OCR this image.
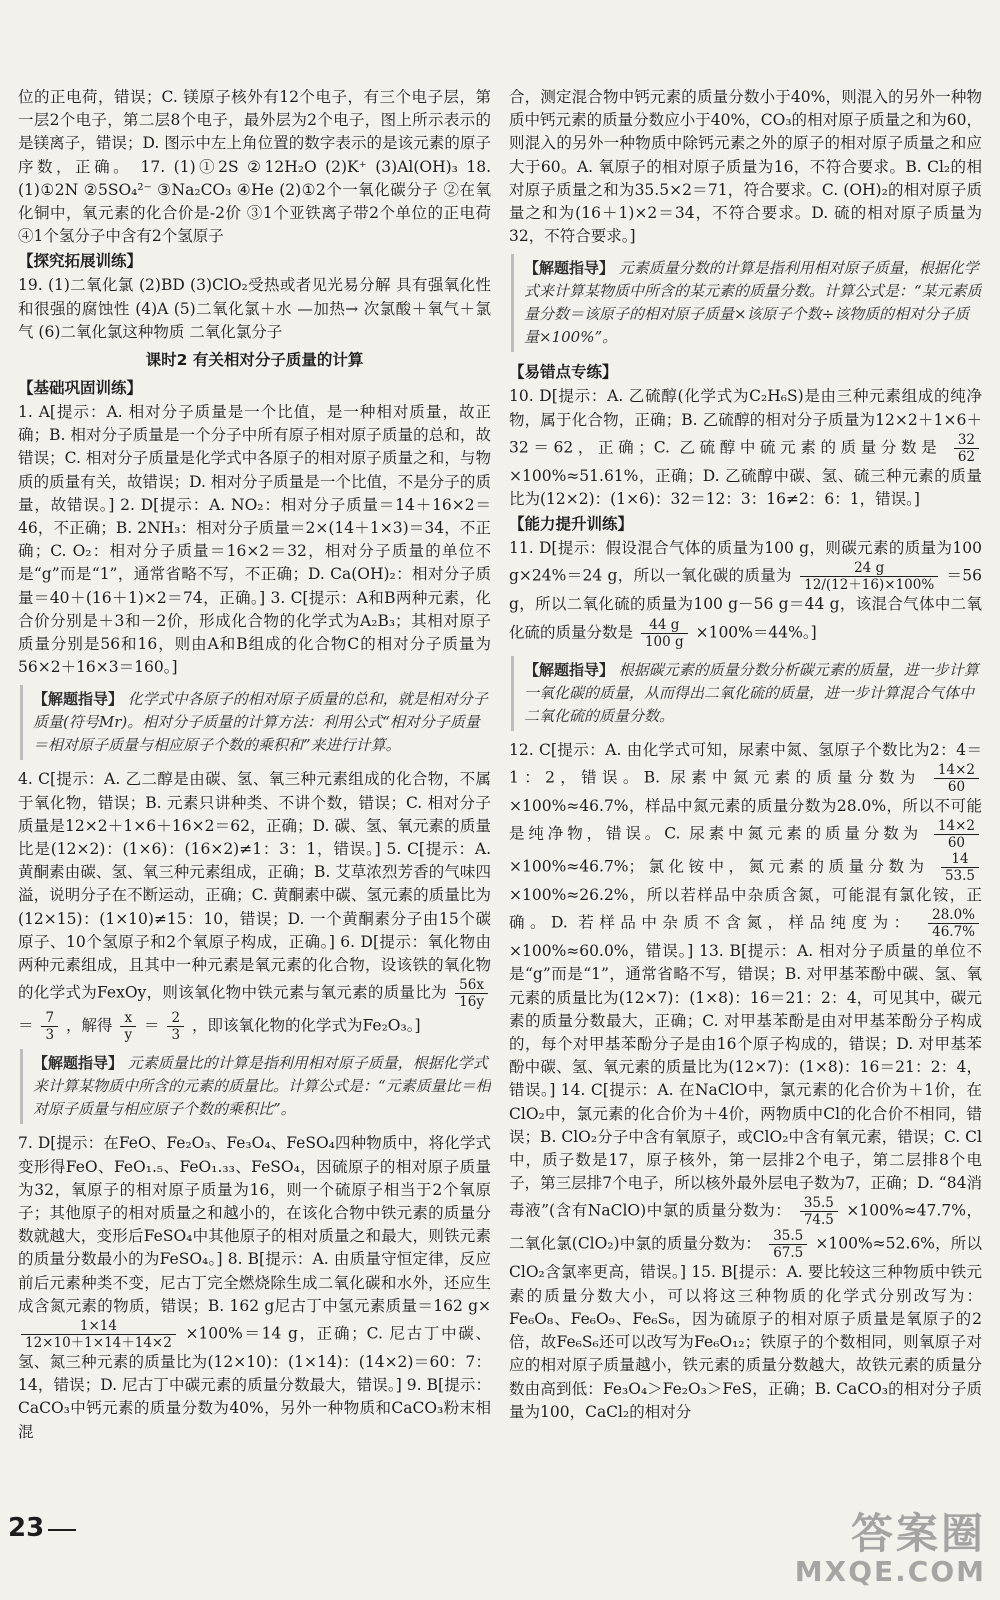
位的正电荷，错误；C. 镁原子核外有12个电子，有三个电子层，第一层2个电子，第二层8个电子，最外层为2个电子，图上所示表示的是镁离子，错误；D. 图示中左上角位置的数字表示的是该元素的原子序数，正确。 17. (1)①2S ②12H₂O (2)K⁺ (3)Al(OH)₃ 18. (1)①2N ②5SO₄²⁻ ③Na₂CO₃ ④He (2)①2个一氧化碳分子 ②在氧化铜中，氧元素的化合价是-2价 ③1个亚铁离子带2个单位的正电荷 ④1个氢分子中含有2个氢原子

【探究拓展训练】

19. (1)二氧化氯 (2)BD (3)ClO₂受热或者见光易分解 具有强氧化性和很强的腐蚀性 (4)A (5)二氧化氯＋水 —加热→ 次氯酸＋氧气＋氯气 (6)二氧化氯这种物质 二氧化氯分子

课时2 有关相对分子质量的计算
【基础巩固训练】

1. A[提示：A. 相对分子质量是一个比值，是一种相对质量，故正确；B. 相对分子质量是一个分子中所有原子相对原子质量的总和，故错误；C. 相对分子质量是化学式中各原子的相对原子质量之和，与物质的质量有关，故错误；D. 相对分子质量是一个比值，不是分子的质量，故错误。] 2. D[提示：A. NO₂：相对分子质量＝14＋16×2＝46，不正确；B. 2NH₃：相对分子质量＝2×(14＋1×3)＝34，不正确；C. O₂：相对分子质量＝16×2＝32，相对分子质量的单位不是“g”而是“1”，通常省略不写，不正确；D. Ca(OH)₂：相对分子质量＝40＋(16＋1)×2＝74，正确。] 3. C[提示：A和B两种元素，化合价分别是＋3和－2价，形成化合物的化学式为A₂B₃；其相对原子质量分别是56和16，则由A和B组成的化合物C的相对分子质量为56×2＋16×3＝160。]

【解题指导】 化学式中各原子的相对原子质量的总和，就是相对分子质量(符号Mr)。相对分子质量的计算方法：利用公式“相对分子质量＝相对原子质量与相应原子个数的乘积和”来进行计算。

4. C[提示：A. 乙二醇是由碳、氢、氧三种元素组成的化合物，不属于氧化物，错误；B. 元素只讲种类、不讲个数，错误；C. 相对分子质量是12×2＋1×6＋16×2＝62，正确；D. 碳、氢、氧元素的质量比是(12×2)：(1×6)：(16×2)≠1：3：1，错误。] 5. C[提示：A. 黄酮素由碳、氢、氧三种元素组成，正确；B. 艾草浓烈芳香的气味四溢，说明分子在不断运动，正确；C. 黄酮素中碳、氢元素的质量比为(12×15)：(1×10)≠15：10，错误；D. 一个黄酮素分子由15个碳原子、10个氢原子和2个氧原子构成，正确。] 6. D[提示：氧化物由两种元素组成，且其中一种元素是氧元素的化合物，设该铁的氧化物的化学式为FexOy，则该氧化物中铁元素与氧元素的质量比为 $\frac{56x}{16y}$
＝ $\frac{7}{3}$ ，解得 $\frac{x}{y} = \frac{2}{3}$ ，即该氧化物的化学式为Fe₂O₃。]

【解题指导】 元素质量比的计算是指利用相对原子质量，根据化学式来计算某物质中所含的元素的质量比。计算公式是：“元素质量比＝相对原子质量与相应原子个数的乘积比”。

7. D[提示：在FeO、Fe₂O₃、Fe₃O₄、FeSO₄四种物质中，将化学式变形得FeO、FeO₁.₅、FeO₁.₃₃、FeSO₄，因硫原子的相对原子质量为32，氧原子的相对原子质量为16，则一个硫原子相当于2个氧原子；其他原子的相对质量之和越小的，在该化合物中铁元素的质量分数就越大，变形后FeSO₄中其他原子的相对质量之和最大，则铁元素的质量分数最小的为FeSO₄。] 8. B[提示：A. 由质量守恒定律，反应前后元素种类不变，尼古丁完全燃烧除生成二氧化碳和水外，还应生成含氮元素的物质，错误；B. 162 g尼古丁中氢元素质量＝162 g×
$\frac{1\times 14}{12\times 10+1\times 14+14\times 2} \times 100\%=14$ g，正确；C. 尼古丁中碳、氢、氮三种元素的质量比为(12×10)：(1×14)：(14×2)＝60：7：14，错误；D. 尼古丁中碳元素的质量分数最大，错误。] 9. B[提示：CaCO₃中钙元素的质量分数为40%，另外一种物质和CaCO₃粉末相混

合，测定混合物中钙元素的质量分数小于40%，则混入的另外一种物质中钙元素的质量分数应小于40%，CO₃的相对原子质量之和为60，则混入的另外一种物质中除钙元素之外的原子的相对原子质量之和应大于60。A. 氧原子的相对原子质量为16，不符合要求。B. Cl₂的相对原子质量之和为35.5×2＝71，符合要求。C. (OH)₂的相对原子质量之和为(16＋1)×2＝34，不符合要求。D. 硫的相对原子质量为32，不符合要求。]

【解题指导】 元素质量分数的计算是指利用相对原子质量，根据化学式来计算某物质中所含的某元素的质量分数。计算公式是：“某元素质量分数＝该原子的相对原子质量×该原子个数÷该物质的相对分子质量×100%”。
【易错点专练】

10. D[提示：A. 乙硫醇(化学式为C₂H₆S)是由三种元素组成的纯净物，属于化合物，正确；B. 乙硫醇的相对分子质量为12×2＋1×6＋32＝62，正确；C. 乙硫醇中硫元素的质量分数是 $\frac{32}{62}$
×100%≈51.61%，正确；D. 乙硫醇中碳、氢、硫三种元素的质量比为(12×2)：(1×6)：32＝12：3：16≠2：6：1，错误。]

【能力提升训练】

11. D[提示：假设混合气体的质量为100 g，则碳元素的质量为100 g×24%＝24 g，所以一氧化碳的质量为 $\frac{24 g}{12/(12+16)\times 100\%} =56$ g，所以二氧化硫的质量为100 g－56 g＝44 g，该混合气体中二氧化硫的质量分数是 $\frac{44 g}{100 g} \times 100\%=44\%$。]

【解题指导】 根据碳元素的质量分数分析碳元素的质量，进一步计算一氧化碳的质量，从而得出二氧化硫的质量，进一步计算混合气体中二氧化硫的质量分数。

12. C[提示：A. 由化学式可知，尿素中氮、氢原子个数比为2：4＝1：2，错误。B. 尿素中氮元素的质量分数为 $\frac{14\times 2}{60}$
×100%≈46.7%，样品中氮元素的质量分数为28.0%，所以不可能是纯净物，错误。C. 尿素中氮元素的质量分数为 $\frac{14\times 2}{60}$
×100%≈46.7%；氯化铵中，氮元素的质量分数为 $\frac{14}{53.5}$
×100%≈26.2%，所以若样品中杂质含氮，可能混有氯化铵，正确。D. 若样品中杂质不含氮，样品纯度为： $\frac{28.0\%}{46.7\%}$
×100%≈60.0%，错误。] 13. B[提示：A. 相对分子质量的单位不是“g”而是“1”，通常省略不写，错误；B. 对甲基苯酚中碳、氢、氧元素的质量比为(12×7)：(1×8)：16＝21：2：4，可见其中，碳元素的质量分数最大，正确；C. 对甲基苯酚是由对甲基苯酚分子构成的，每个对甲基苯酚分子是由16个原子构成的，错误；D. 对甲基苯酚中碳、氢、氧元素的质量比为(12×7)：(1×8)：16＝21：2：4，错误。] 14. C[提示：A. 在NaClO中，氯元素的化合价为＋1价，在ClO₂中，氯元素的化合价为＋4价，两物质中Cl的化合价不相同，错误；B. ClO₂分子中含有氧原子，或ClO₂中含有氧元素，错误；C. Cl中，质子数是17，原子核外，第一层排2个电子，第二层排8个电子，第三层排7个电子，所以核外最外层电子数为7，正确；D. “84消毒液”(含有NaClO)中氯的质量分数为： $\frac{35.5}{74.5} \times 100\%\approx 47.7\%$，二氧化氯(ClO₂)中氯的质量分数为： $\frac{35.5}{67.5} \times 100\%\approx 52.6\%$，所以ClO₂含氯率更高，错误。] 15. B[提示：A. 要比较这三种物质中铁元素的质量分数大小，可以将这三种物质的化学式分别改写为：Fe₆O₈、Fe₆O₉、Fe₆S₆，因为硫原子的相对原子质量是氧原子的2倍，故Fe₆S₆还可以改写为Fe₆O₁₂；铁原子的个数相同，则氧原子对应的相对原子质量越小，铁元素的质量分数越大，故铁元素的质量分数由高到低：Fe₃O₄＞Fe₂O₃＞FeS，正确；B. CaCO₃的相对分子质量为100，CaCl₂的相对分

23	答案圈
MXQE.COM
